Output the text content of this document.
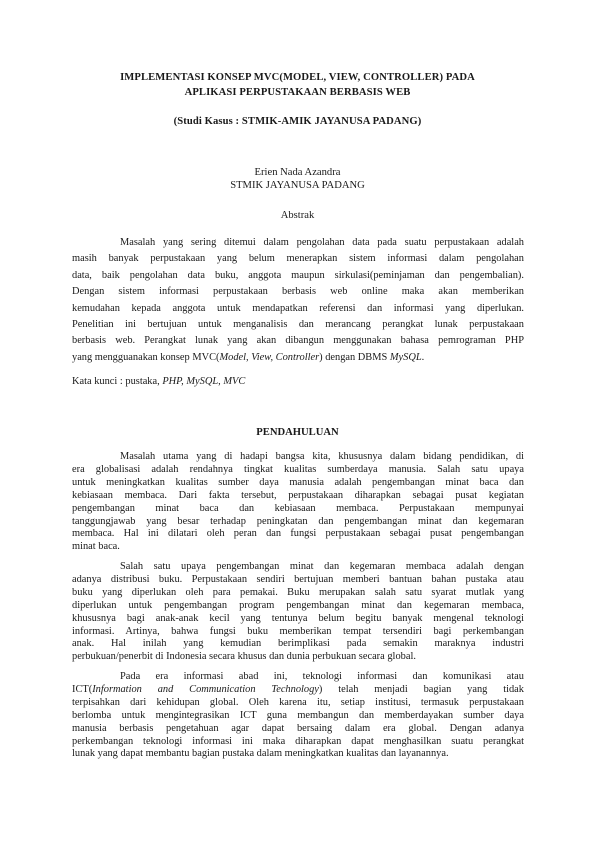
IMPLEMENTASI KONSEP MVC(MODEL, VIEW, CONTROLLER) PADA
APLIKASI PERPUSTAKAAN BERBASIS WEB
(Studi Kasus : STMIK-AMIK JAYANUSA PADANG)
Erien Nada Azandra
STMIK JAYANUSA PADANG
Abstrak
Masalah yang sering ditemui dalam pengolahan data pada suatu perpustakaan adalah
masih banyak perpustakaan yang belum menerapkan sistem informasi dalam pengolahan
data, baik pengolahan data buku, anggota maupun sirkulasi(peminjaman dan pengembalian).
Dengan sistem informasi perpustakaan berbasis web online maka akan memberikan
kemudahan kepada anggota untuk mendapatkan referensi dan informasi yang diperlukan.
Penelitian ini bertujuan untuk menganalisis dan merancang perangkat lunak perpustakaan
berbasis web. Perangkat lunak yang akan dibangun menggunakan bahasa pemrograman PHP
yang mengguanakan konsep MVC(Model, View, Controller) dengan DBMS MySQL.
Kata kunci : pustaka, PHP, MySQL, MVC
PENDAHULUAN
Masalah utama yang di hadapi bangsa kita, khususnya dalam bidang pendidikan, di
era globalisasi adalah rendahnya tingkat kualitas sumberdaya manusia. Salah satu upaya
untuk meningkatkan kualitas sumber daya manusia adalah pengembangan minat baca dan
kebiasaan membaca. Dari fakta tersebut, perpustakaan diharapkan sebagai pusat kegiatan
pengembangan minat baca dan kebiasaan membaca. Perpustakaan mempunyai
tanggungjawab yang besar terhadap peningkatan dan pengembangan minat dan kegemaran
membaca. Hal ini dilatari oleh peran dan fungsi perpustakaan sebagai pusat pengembangan
minat baca.
Salah satu upaya pengembangan minat dan kegemaran membaca adalah dengan
adanya distribusi buku. Perpustakaan sendiri bertujuan memberi bantuan bahan pustaka atau
buku yang diperlukan oleh para pemakai. Buku merupakan salah satu syarat mutlak yang
diperlukan untuk pengembangan program pengembangan minat dan kegemaran membaca,
khususnya bagi anak-anak kecil yang tentunya belum begitu banyak mengenal teknologi
informasi. Artinya, bahwa fungsi buku memberikan tempat tersendiri bagi perkembangan
anak. Hal inilah yang kemudian berimplikasi pada semakin maraknya industri
perbukuan/penerbit di Indonesia secara khusus dan dunia perbukuan secara global.
Pada era informasi abad ini, teknologi informasi dan komunikasi atau
ICT(Information and Communication Technology) telah menjadi bagian yang tidak
terpisahkan dari kehidupan global. Oleh karena itu, setiap institusi, termasuk perpustakaan
berlomba untuk mengintegrasikan ICT guna membangun dan memberdayakan sumber daya
manusia berbasis pengetahuan agar dapat bersaing dalam era global. Dengan adanya
perkembangan teknologi informasi ini maka diharapkan dapat menghasilkan suatu perangkat
lunak yang dapat membantu bagian pustaka dalam meningkatkan kualitas dan layanannya.
